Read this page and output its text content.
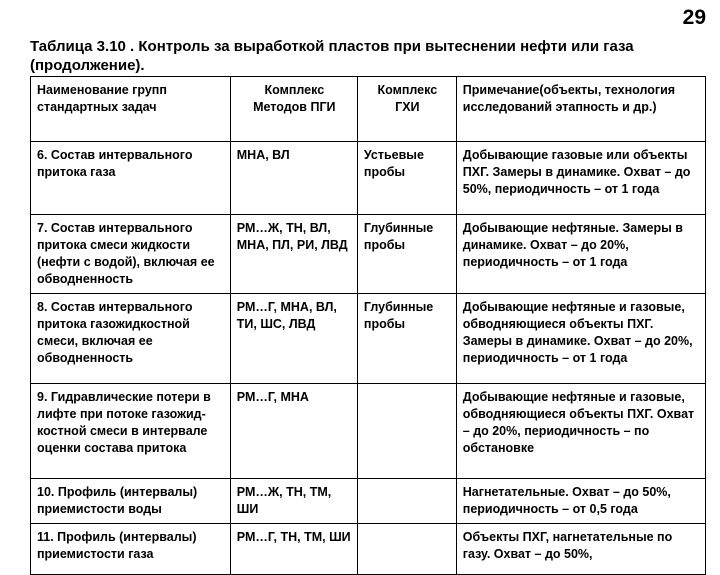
29
Таблица 3.10 . Контроль за выработкой пластов при вытеснении нефти или газа (продолжение).
Наименование групп стандартных задач	Комплекс Методов ПГИ	Комплекс ГХИ	Примечание(объекты, технология исследований этапность и др.)
6. Состав интервального притока газа	МНА, ВЛ	Устьевые пробы	Добывающие газовые или объекты ПХГ. Замеры в динамике. Охват – до 50%, периодичность – от 1 года
7. Состав интервального притока смеси жидкости (нефти с водой), включая ее обводненность	РМ…Ж, ТН, ВЛ, МНА, ПЛ, РИ, ЛВД	Глубинные пробы	Добывающие нефтяные. Замеры в динамике. Охват – до 20%, периодичность – от 1 года
8. Состав интервального притока газожидкостной смеси, включая ее обводненность	РМ…Г, МНА, ВЛ, ТИ, ШС, ЛВД	Глубинные пробы	Добывающие нефтяные и газовые, обводняющиеся объекты ПХГ. Замеры в динамике. Охват – до 20%, периодичность – от 1 года
9. Гидравлические потери в лифте при потоке газожид-костной смеси в интервале оценки состава притока	РМ…Г, МНА		Добывающие нефтяные и газовые, обводняющиеся объекты ПХГ. Охват – до 20%, периодичность – по обстановке
10. Профиль (интервалы) приемистости воды	РМ…Ж, ТН, ТМ, ШИ		Нагнетательные. Охват – до 50%, периодичность – от 0,5 года
11. Профиль (интервалы) приемистости газа	РМ…Г, ТН, ТМ, ШИ		Объекты ПХГ, нагнетательные по газу. Охват – до 50%,
